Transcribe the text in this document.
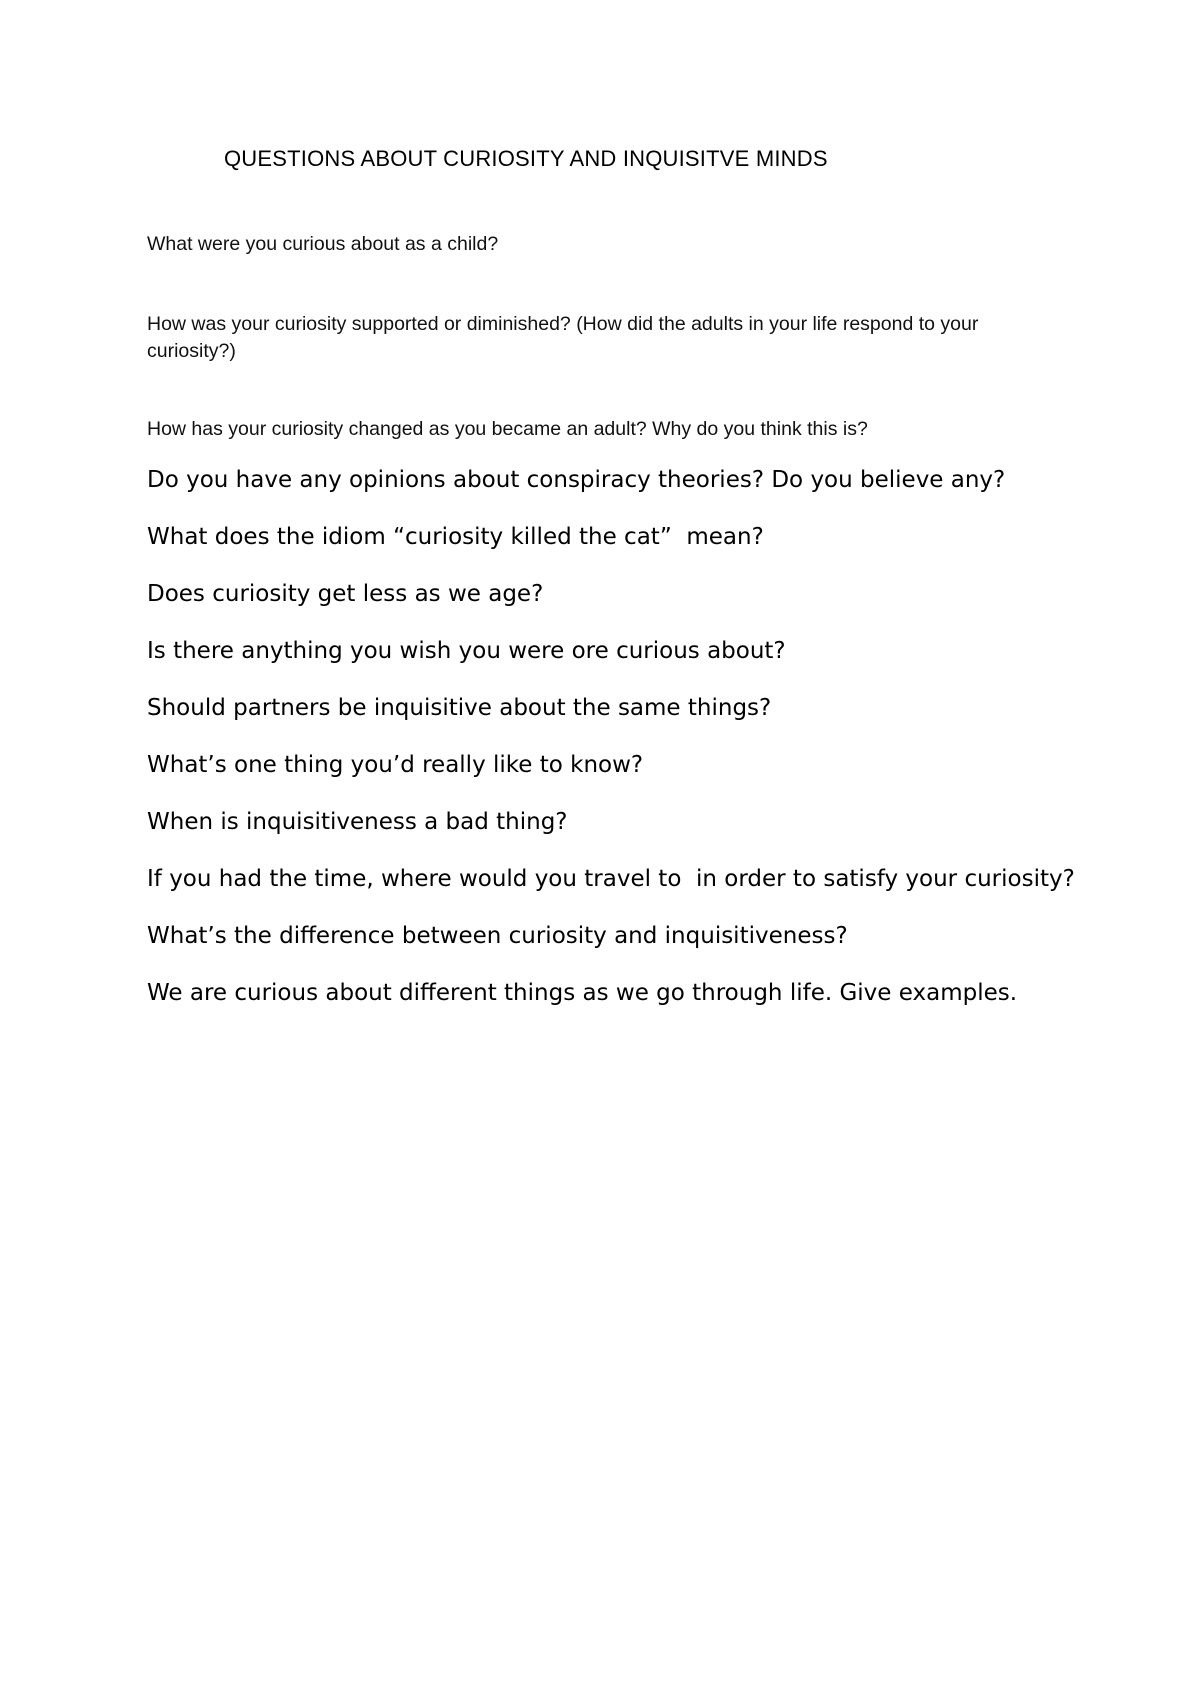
QUESTIONS ABOUT CURIOSITY AND INQUISITVE MINDS
What were you curious about as a child?
How was your curiosity supported or diminished? (How did the adults in your life respond to your curiosity?)
How has your curiosity changed as you became an adult? Why do you think this is?
Do you have any opinions about conspiracy theories? Do you believe any?
What does the idiom “curiosity killed the cat”  mean?
Does curiosity get less as we age?
Is there anything you wish you were ore curious about?
Should partners be inquisitive about the same things?
What’s one thing you’d really like to know?
When is inquisitiveness a bad thing?
If you had the time, where would you travel to  in order to satisfy your curiosity?
What’s the difference between curiosity and inquisitiveness?
We are curious about different things as we go through life. Give examples.
